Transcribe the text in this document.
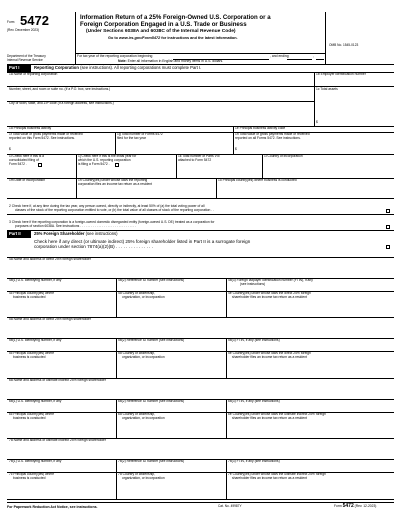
Form 5472
(Rev. December 2023)
Department of the Treasury
Internal Revenue Service
Information Return of a 25% Foreign-Owned U.S. Corporation or a
Foreign Corporation Engaged in a U.S. Trade or Business
(Under Sections 6038A and 6038C of the Internal Revenue Code)
Go to www.irs.gov/Form5472 for instructions and the latest information.
OMB No. 1545-0123
For tax year of the reporting corporation beginning	, and ending	,
Note: Enter all information in English and money items in U.S. dollars.
Part I	Reporting Corporation (see instructions). All reporting corporations must complete Part I.
1a Name of reporting corporation	1b Employer identification number
Number, street, and room or suite no. (If a P.O. box, see instructions.)	1c Total assets
City or town, state, and ZIP code (If a foreign address, see instructions.)
$
1d Principal business activity	1e Principal business activity code
1f Total value of gross payments made or received
reported on this Form 5472. See instructions.
$
1g Total number of Forms 5472
filed for the tax year
1h Total value of gross payments made or received
reported on all Forms 5472. See instructions.
$
1i Check here if this is a
consolidated filing of
Form 5472 .
1j Check here if this is the initial year for
which the U.S. reporting corporation
is filing a Form 5472 .
1k Total number of Parts VIII
attached to Form 5472
1l Country of incorporation
1m Date of incorporation	1n Country(ies) under whose laws the reporting
corporation files an income tax return as a resident
1o Principal country(ies) where business is conducted
2 Check here if, at any time during the tax year, any person owned, directly or indirectly, at least 50% of (a) the total voting power of all
classes of the stock of the reporting corporation entitled to vote, or (b) the total value of all classes of stock of the reporting corporation . .
3 Check here if the reporting corporation is a foreign-owned domestic disregarded entity (foreign-owned U.S. DE) treated as a corporation for
purposes of section 6038A. See instructions . . . . . . . . . . . . . . . . . . . . . . . . . . . . . . .
Part II	25% Foreign Shareholder (see instructions)
Check here if any direct (or ultimate indirect) 25% foreign shareholder listed in Part II is a surrogate foreign
corporation under section 7874(a)(2)(B) . . . . . . . . . . . . . . .
4a Name and address of direct 25% foreign shareholder
4b(1) U.S. identifying number, if any	4b(2) Reference ID number (see instructions)	4b(3) Foreign taxpayer identification number (FTIN), if any
(see instructions)
4c Principal country(ies) where
business is conducted
4d Country of citizenship,
organization, or incorporation
4e Country(ies) under whose laws the direct 25% foreign
shareholder files an income tax return as a resident
5a Name and address of direct 25% foreign shareholder
5b(1) U.S. identifying number, if any	5b(2) Reference ID number (see instructions)	5b(3) FTIN, if any (see instructions)
5c Principal country(ies) where
business is conducted
5d Country of citizenship,
organization, or incorporation
5e Country(ies) under whose laws the direct 25% foreign
shareholder files an income tax return as a resident
6a Name and address of ultimate indirect 25% foreign shareholder
6b(1) U.S. identifying number, if any	6b(2) Reference ID number (see instructions)	6b(3) FTIN, if any (see instructions)
6c Principal country(ies) where
business is conducted
6d Country of citizenship,
organization, or incorporation
6e Country(ies) under whose laws the ultimate indirect 25% foreign
shareholder files an income tax return as a resident
7a Name and address of ultimate indirect 25% foreign shareholder
7b(1) U.S. identifying number, if any	7b(2) Reference ID number (see instructions)	7b(3) FTIN, if any (see instructions)
7c Principal country(ies) where
business is conducted
7d Country of citizenship,
organization, or incorporation
7e Country(ies) under whose laws the ultimate indirect 25% foreign
shareholder files an income tax return as a resident
For Paperwork Reduction Act Notice, see instructions.	Cat. No. 49987Y	Form 5472 (Rev. 12-2023)
